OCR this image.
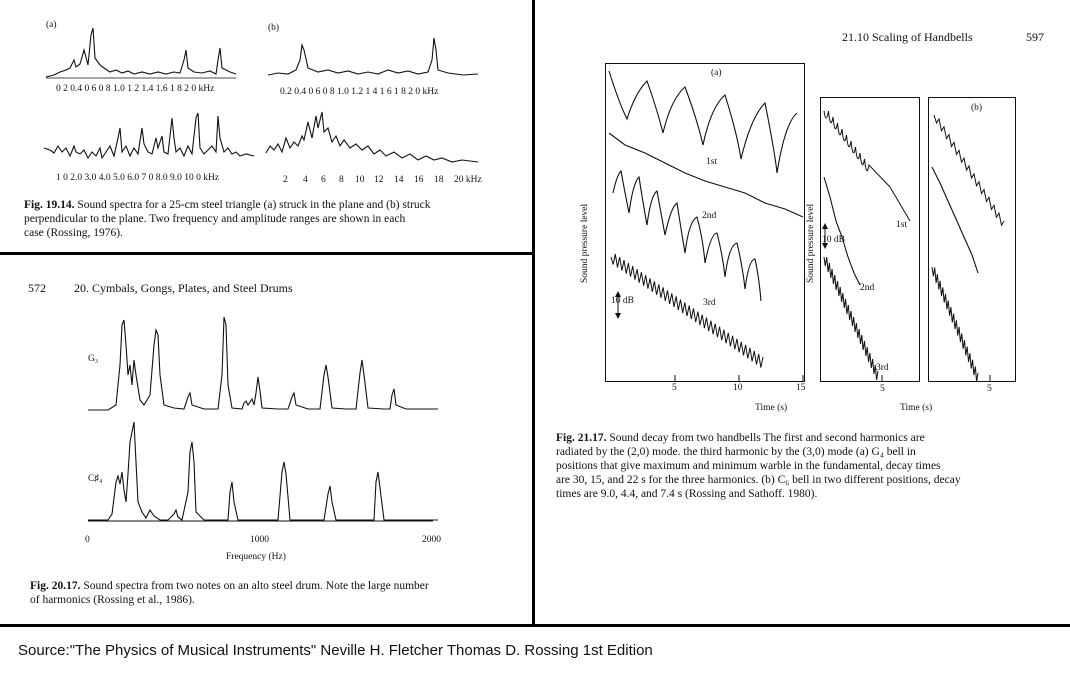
(a)	(b)
0 2 0.4 0 6 0 8 1.0 1 2 1.4 1.6 1 8 2 0 kHz	0.2 0.4 0 6 0 8 1.0 1.2 1 4 1 6 1 8 2 0 kHz
1 0 2.0 3.0 4.0 5.0 6.0 7 0 8.0 9.0 10 0 kHz	2 4 6 8 10 12 14 16 18 20 kHz
Fig. 19.14. Sound spectra for a 25-cm steel triangle (a) struck in the plane and (b) struck
perpendicular to the plane. Two frequency and amplitude ranges are shown in each
case (Rossing, 1976).
572 20. Cymbals, Gongs, Plates, and Steel Drums
G₃
C♯₄
0	1000	2000
Frequency (Hz)
Fig. 20.17. Sound spectra from two notes on an alto steel drum. Note the large number
of harmonics (Rossing et al., 1986).
21.10 Scaling of Handbells	597
Sound pressure level	Sound pressure level
(a)
1st
2nd
3rd
10 dB
5	10	15
Time (s)
1st
2nd
3rd
10 dB
5
Time (s)
(b)
5
Fig. 21.17. Sound decay from two handbells The first and second harmonics are
radiated by the (2,0) mode. the third harmonic by the (3,0) mode (a) G₄ bell in
positions that give maximum and minimum warble in the fundamental, decay times
are 30, 15, and 22 s for the three harmonics. (b) C₆ bell in two different positions, decay
times are 9.0, 4.4, and 7.4 s (Rossing and Sathoff. 1980).
Source:"The Physics of Musical Instruments" Neville H. Fletcher Thomas D. Rossing 1st Edition
